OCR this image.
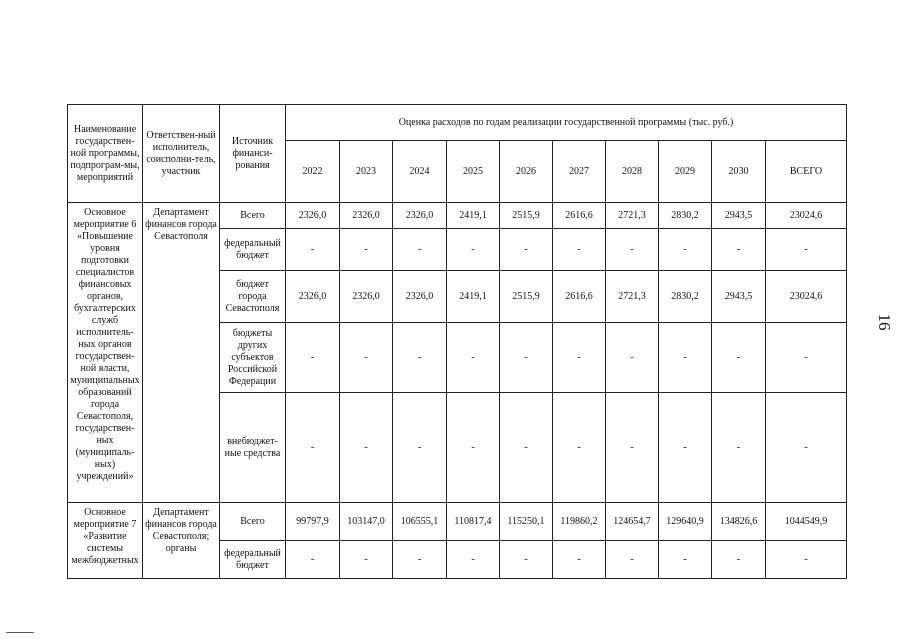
Наименование государствен-ной программы, подпрограм-мы, мероприятий	Ответствен-ный исполнитель, соисполни-тель, участник	Источник финанси-рования	Оценка расходов по годам реализации государственной программы (тыс. руб.)									
			2022	2023	2024	2025	2026	2027	2028	2029	2030	ВСЕГО
Основное мероприятие 6 «Повышение уровня подготовки специалистов финансовых органов, бухгалтерских служб исполнитель-ных органов государствен-ной власти, муниципальных образований города Севастополя, государствен-ных (муниципаль-ных) учреждений»	Департамент финансов города Севастополя	Всего	2326,0	2326,0	2326,0	2419,1	2515,9	2616,6	2721,3	2830,2	2943,5	23024,6
		федеральный бюджет	-	-	-	-	-	-	-	-	-	-
		бюджет города Севастополя	2326,0	2326,0	2326,0	2419,1	2515,9	2616,6	2721,3	2830,2	2943,5	23024,6
		бюджеты других субъектов Российской Федерации	-	-	-	-	-	-	-	-	-	-
		внебюджет-ные средства	-	-	-	-	-	-	-	-	-	-
Основное мероприятие 7 «Развитие системы межбюджетных	Департамент финансов города Севастополя; органы	Всего	99797,9	103147,0	106555,1	110817,4	115250,1	119860,2	124654,7	129640,9	134826,6	1044549,9
		федеральный бюджет	-	-	-	-	-	-	-	-	-	-
16
